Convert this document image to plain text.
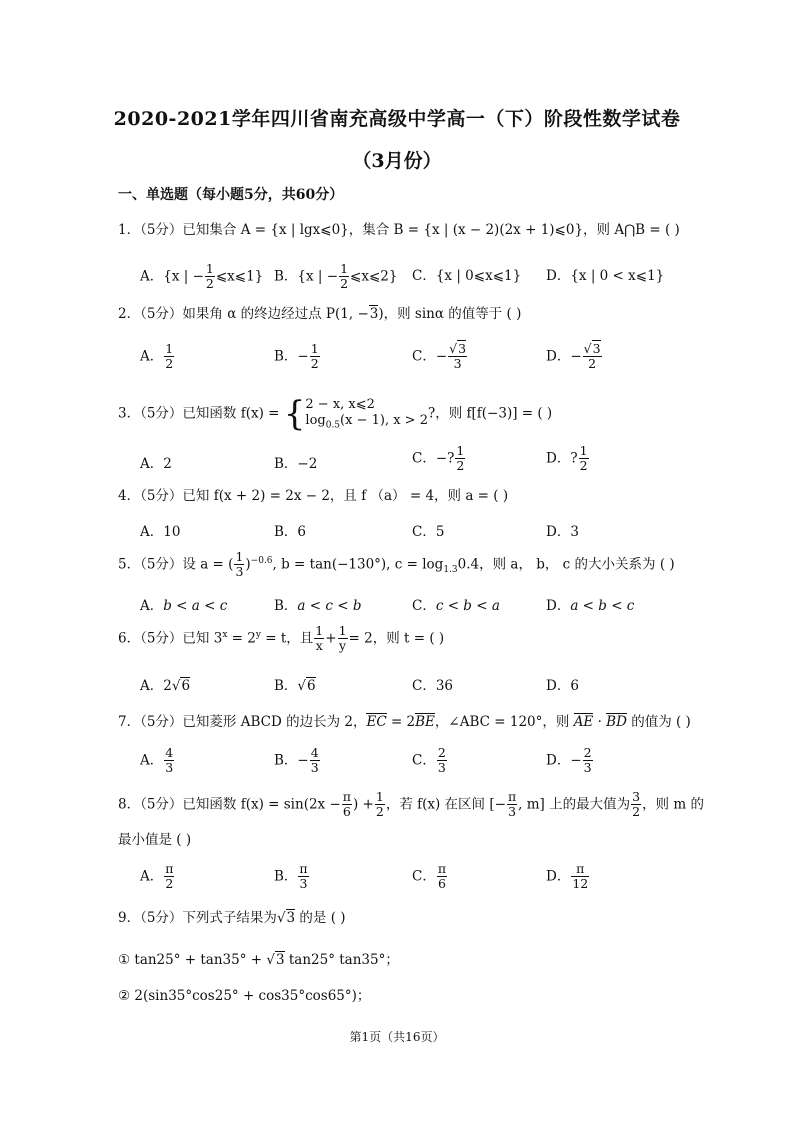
2020-2021学年四川省南充高级中学高一（下）阶段性数学试卷
（3月份）
一、单选题（每小题5分，共60分）
1．（5分）已知集合 A = {x | lgx⩽0}，集合 B = {x | (x − 2)(2x + 1)⩽0}，则 A⋂B = ( )
A．{x | − $\frac{1}{2}$ ⩽x⩽1} B．{x | − $\frac{1}{2}$ ⩽x⩽2} C．{x | 0⩽x⩽1} D．{x | 0 < x⩽1}
2．（5分）如果角 α 的终边经过点 P(1, −3)，则 sinα 的值等于 ( )
A． $\frac{1}{2}$	B．− $\frac{1}{2}$	C．− $\frac{√3}{3}$	D．− $\frac{√3}{2}$
3．（5分）已知函数 f(x) = { 2 − x, x⩽2
$\log_{0.5}(x - 1)$, x > 2 ?，则 f[f(−3)] = ( )
A．2	B．−2	C．−? $\frac{1}{2}$	D．? $\frac{1}{2}$
4．（5分）已知 f(x + 2) = 2x − 2，且 f （a） = 4，则 a = ( )
A．10	B．6	C．5	D．3
5．（5分）设 a = ( $\frac{1}{3} )^{-0.6}$, b = tan(−130°), $c = \log_{1.3}0.4$，则 a， b， c 的大小关系为 ( )
A．b < a < c	B．a < c < b	C．c < b < a	D．a < b < c
6．（5分）已知 $3^x = 2^y = t$，且 $\frac{1}{x} + \frac{1}{y} = 2$，则 t = ( )
A．2√6	B．√6	C．36	D．6
7．（5分）已知菱形 ABCD 的边长为 2，EC = 2BE，∠ABC = 120°，则 AE · BD 的值为 ( )
A． $\frac{4}{3}$	B．− $\frac{4}{3}$	C． $\frac{2}{3}$	D．− $\frac{2}{3}$
8．（5分）已知函数 $f(x) = \sin(2x - \frac{\pi}{6}$ ) + $\frac{1}{2}$ ，若 f(x) 在区间 [− $\frac{\pi}{3}$ , m] 上的最大值为 $\frac{3}{2}$ ，则 m 的
最小值是 ( )
A． $\frac{\pi}{2}$	B． $\frac{\pi}{3}$	C． $\frac{\pi}{6}$	D． $\frac{\pi}{12}$
9．（5分）下列式子结果为√3 的是 ( )
① tan25° + tan35° + √3 tan25° tan35°；
② 2(sin35°cos25° + cos35°cos65°)；
第1页（共16页）
